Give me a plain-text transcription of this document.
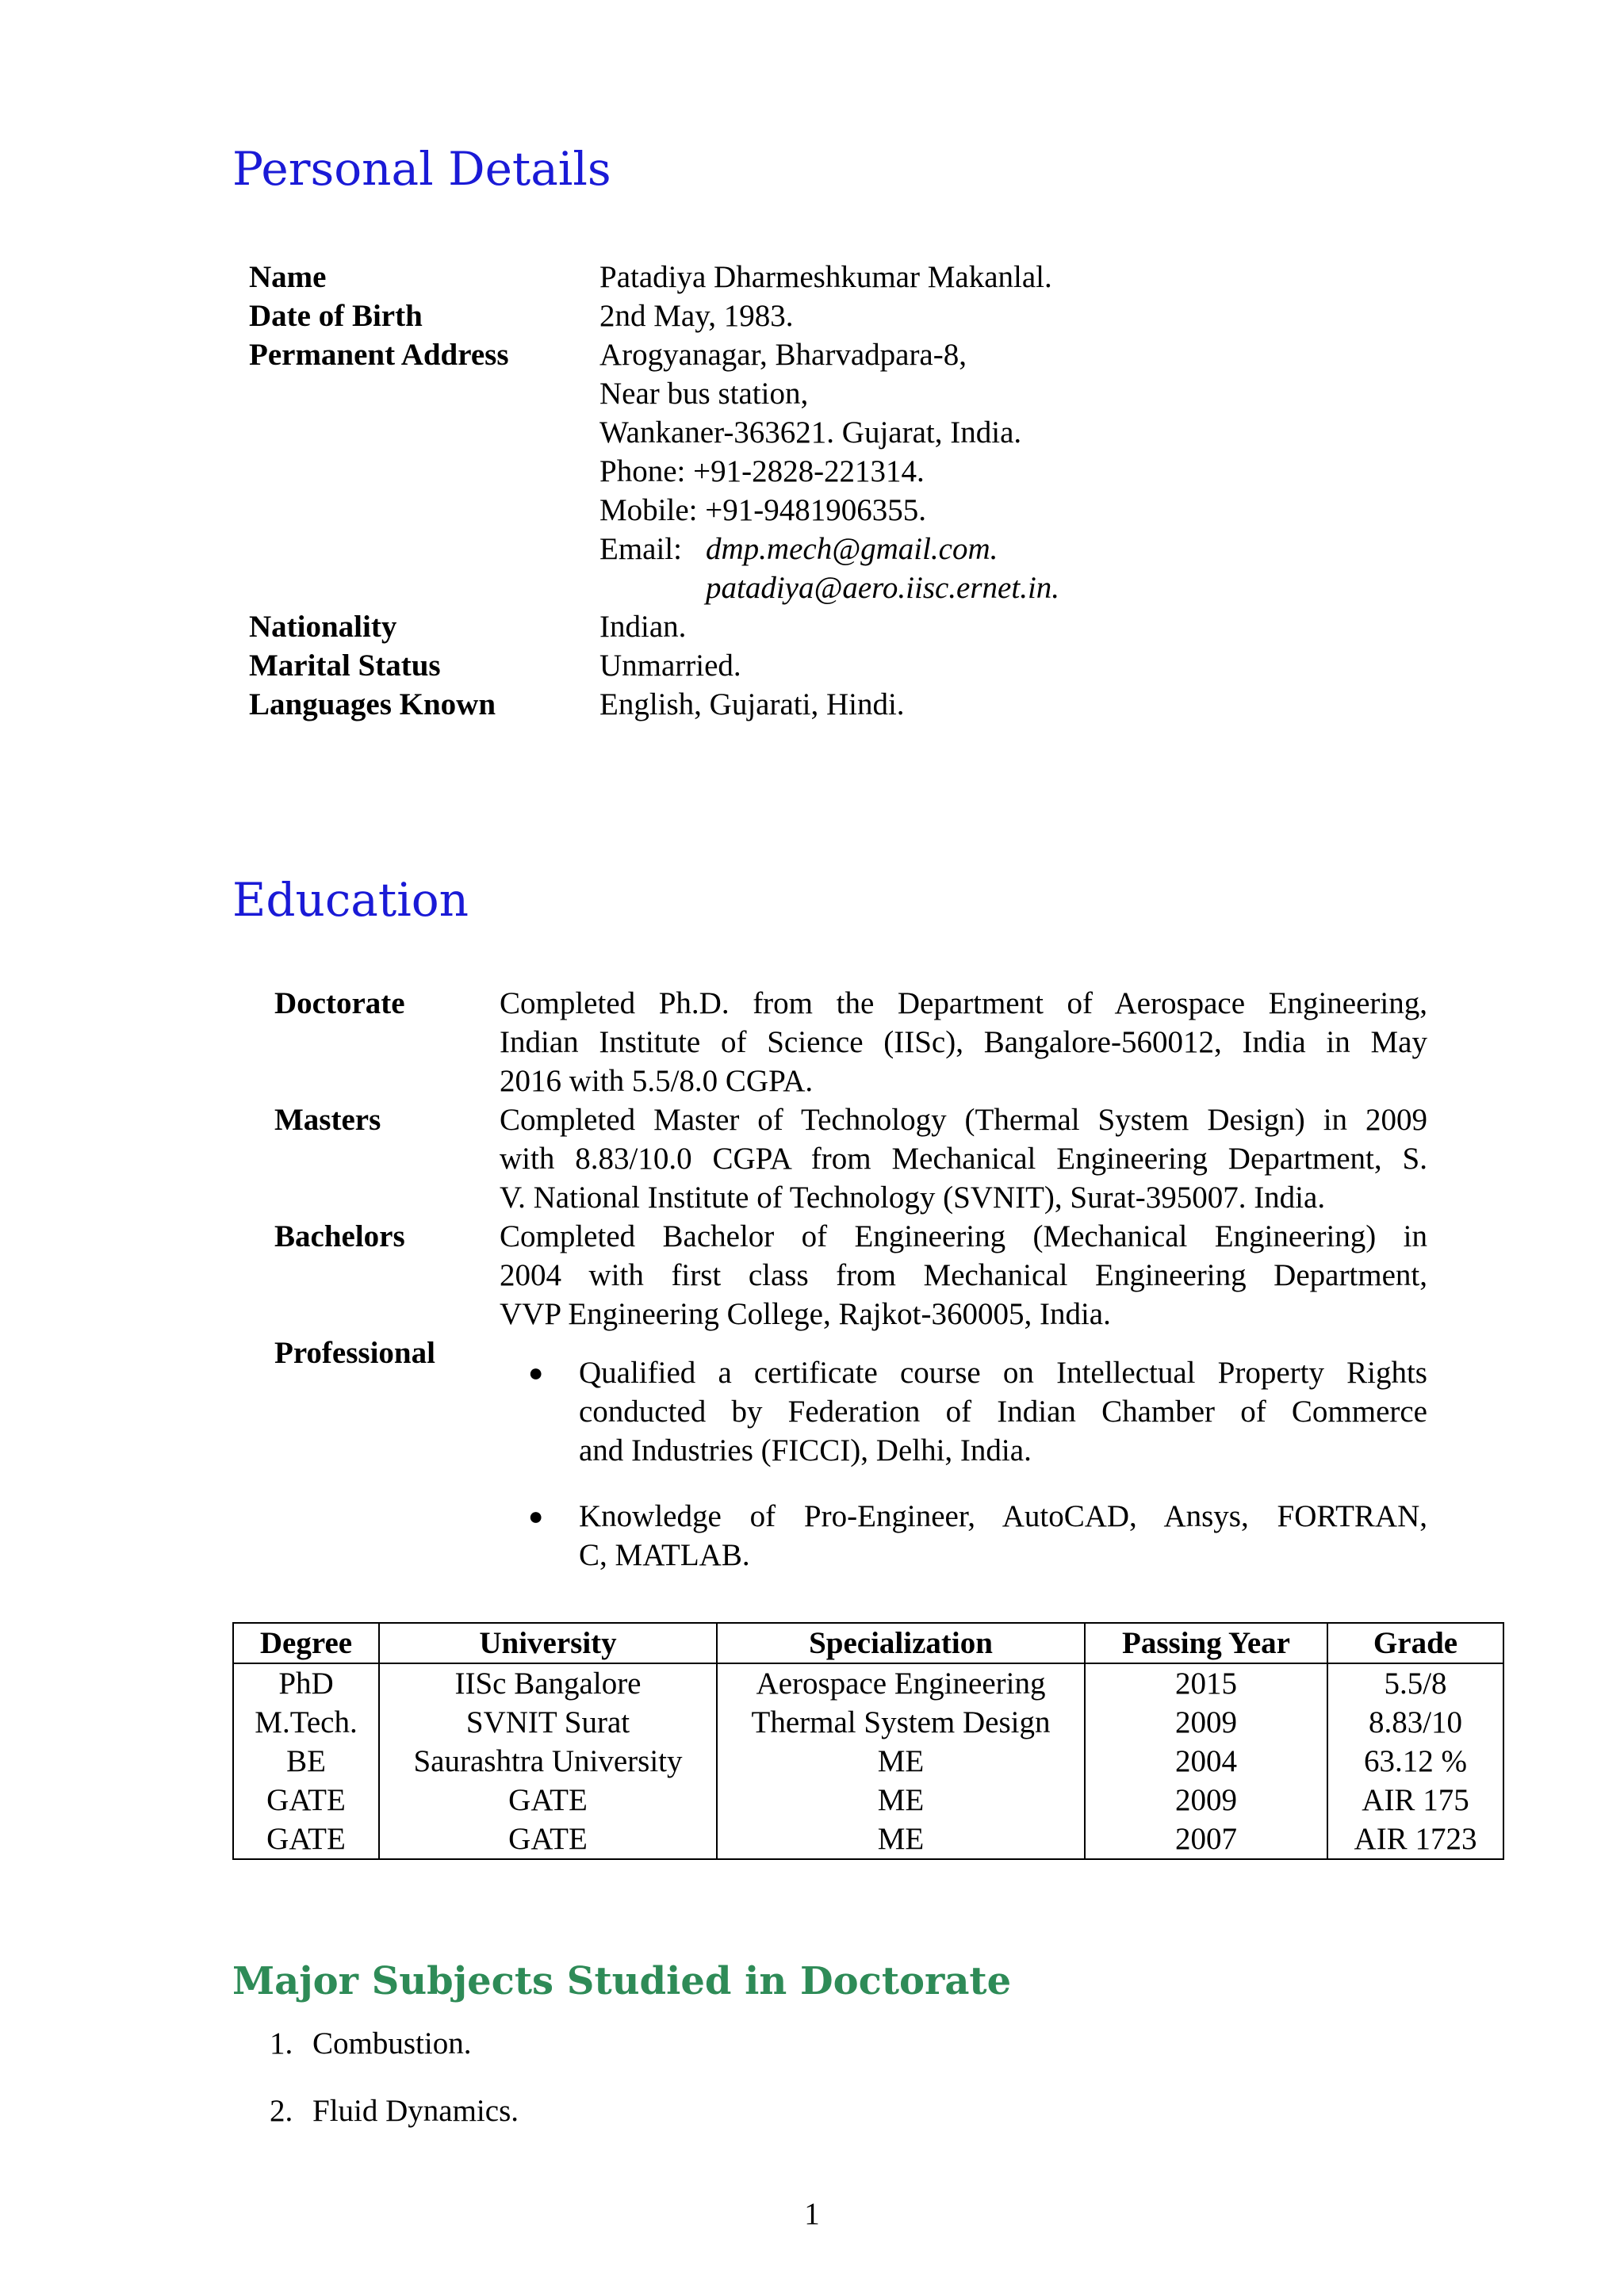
Personal Details
Name	Patadiya Dharmeshkumar Makanlal.
Date of Birth	2nd May, 1983.
Permanent Address	Arogyanagar, Bharvadpara-8,
Near bus station,
Wankaner-363621. Gujarat, India.
Phone: +91-2828-221314.
Mobile: +91-9481906355.
Email: dmp.mech@gmail.com.
patadiya@aero.iisc.ernet.in.
Nationality	Indian.
Marital Status	Unmarried.
Languages Known	English, Gujarati, Hindi.
Education
Doctorate	Completed Ph.D. from the Department of Aerospace Engineering,
Indian Institute of Science (IISc), Bangalore-560012, India in May
2016 with 5.5/8.0 CGPA.
Masters	Completed Master of Technology (Thermal System Design) in 2009
with 8.83/10.0 CGPA from Mechanical Engineering Department, S.
V. National Institute of Technology (SVNIT), Surat-395007. India.
Bachelors	Completed Bachelor of Engineering (Mechanical Engineering) in
2004 with first class from Mechanical Engineering Department,
VVP Engineering College, Rajkot-360005, India.
Professional
● Qualified a certificate course on Intellectual Property Rights
conducted by Federation of Indian Chamber of Commerce
and Industries (FICCI), Delhi, India.
● Knowledge of Pro-Engineer, AutoCAD, Ansys, FORTRAN,
C, MATLAB.
Degree	University	Specialization	Passing Year	Grade
PhD	IISc Bangalore	Aerospace Engineering	2015	5.5/8
M.Tech.	SVNIT Surat	Thermal System Design	2009	8.83/10
BE	Saurashtra University	ME	2004	63.12 %
GATE	GATE	ME	2009	AIR 175
GATE	GATE	ME	2007	AIR 1723
Major Subjects Studied in Doctorate
1. Combustion.
2. Fluid Dynamics.
1
